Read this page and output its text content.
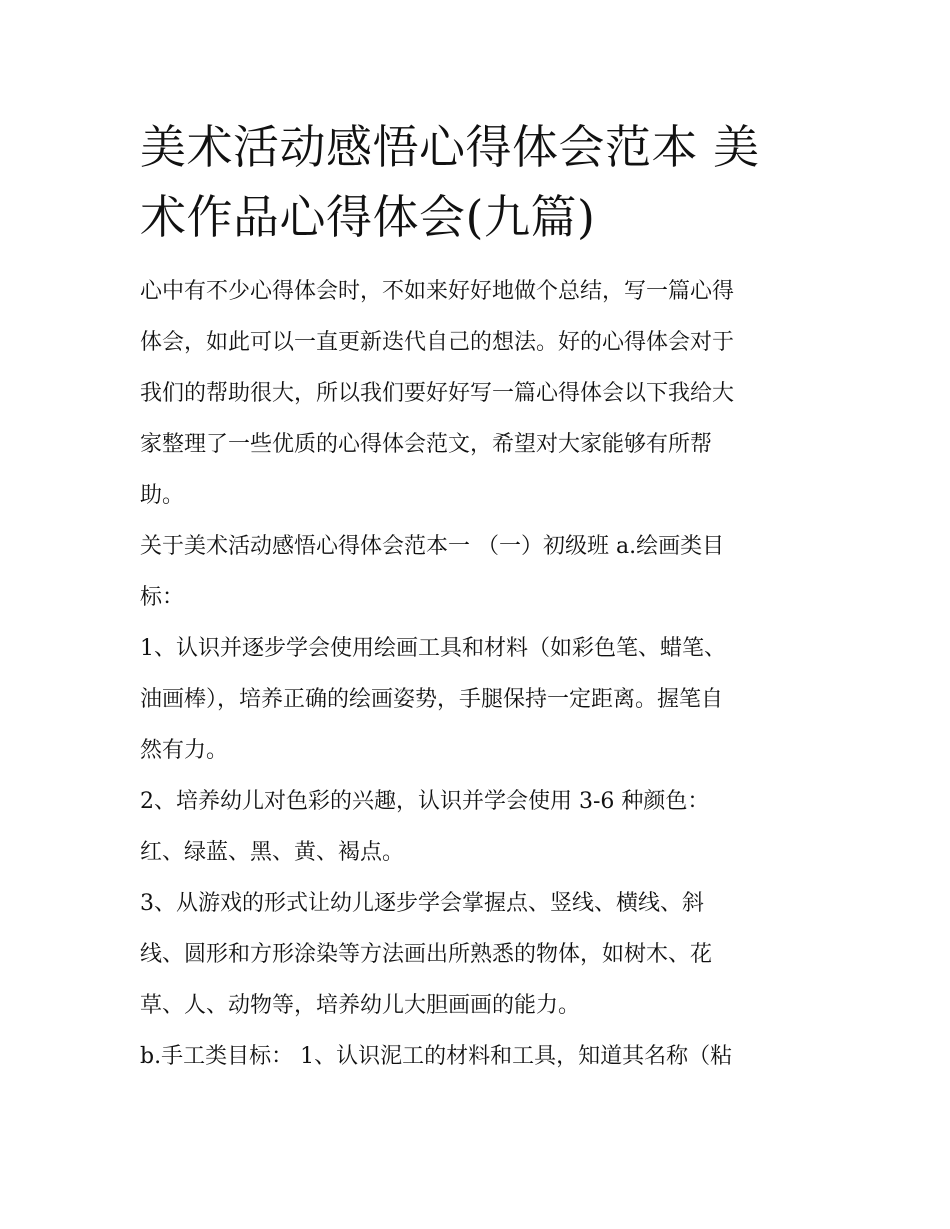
美术活动感悟心得体会范本 美
术作品心得体会(九篇)

心中有不少心得体会时，不如来好好地做个总结，写一篇心得
体会，如此可以一直更新迭代自己的想法。好的心得体会对于
我们的帮助很大，所以我们要好好写一篇心得体会以下我给大
家整理了一些优质的心得体会范文，希望对大家能够有所帮
助。

关于美术活动感悟心得体会范本一 （一）初级班 a.绘画类目
标：

1、认识并逐步学会使用绘画工具和材料（如彩色笔、蜡笔、
油画棒），培养正确的绘画姿势，手腿保持一定距离。握笔自
然有力。

2、培养幼儿对色彩的兴趣，认识并学会使用 3-6 种颜色：
红、绿蓝、黑、黄、褐点。

3、从游戏的形式让幼儿逐步学会掌握点、竖线、横线、斜
线、圆形和方形涂染等方法画出所熟悉的物体，如树木、花
草、人、动物等，培养幼儿大胆画画的能力。

b.手工类目标： 1、认识泥工的材料和工具，知道其名称（粘
